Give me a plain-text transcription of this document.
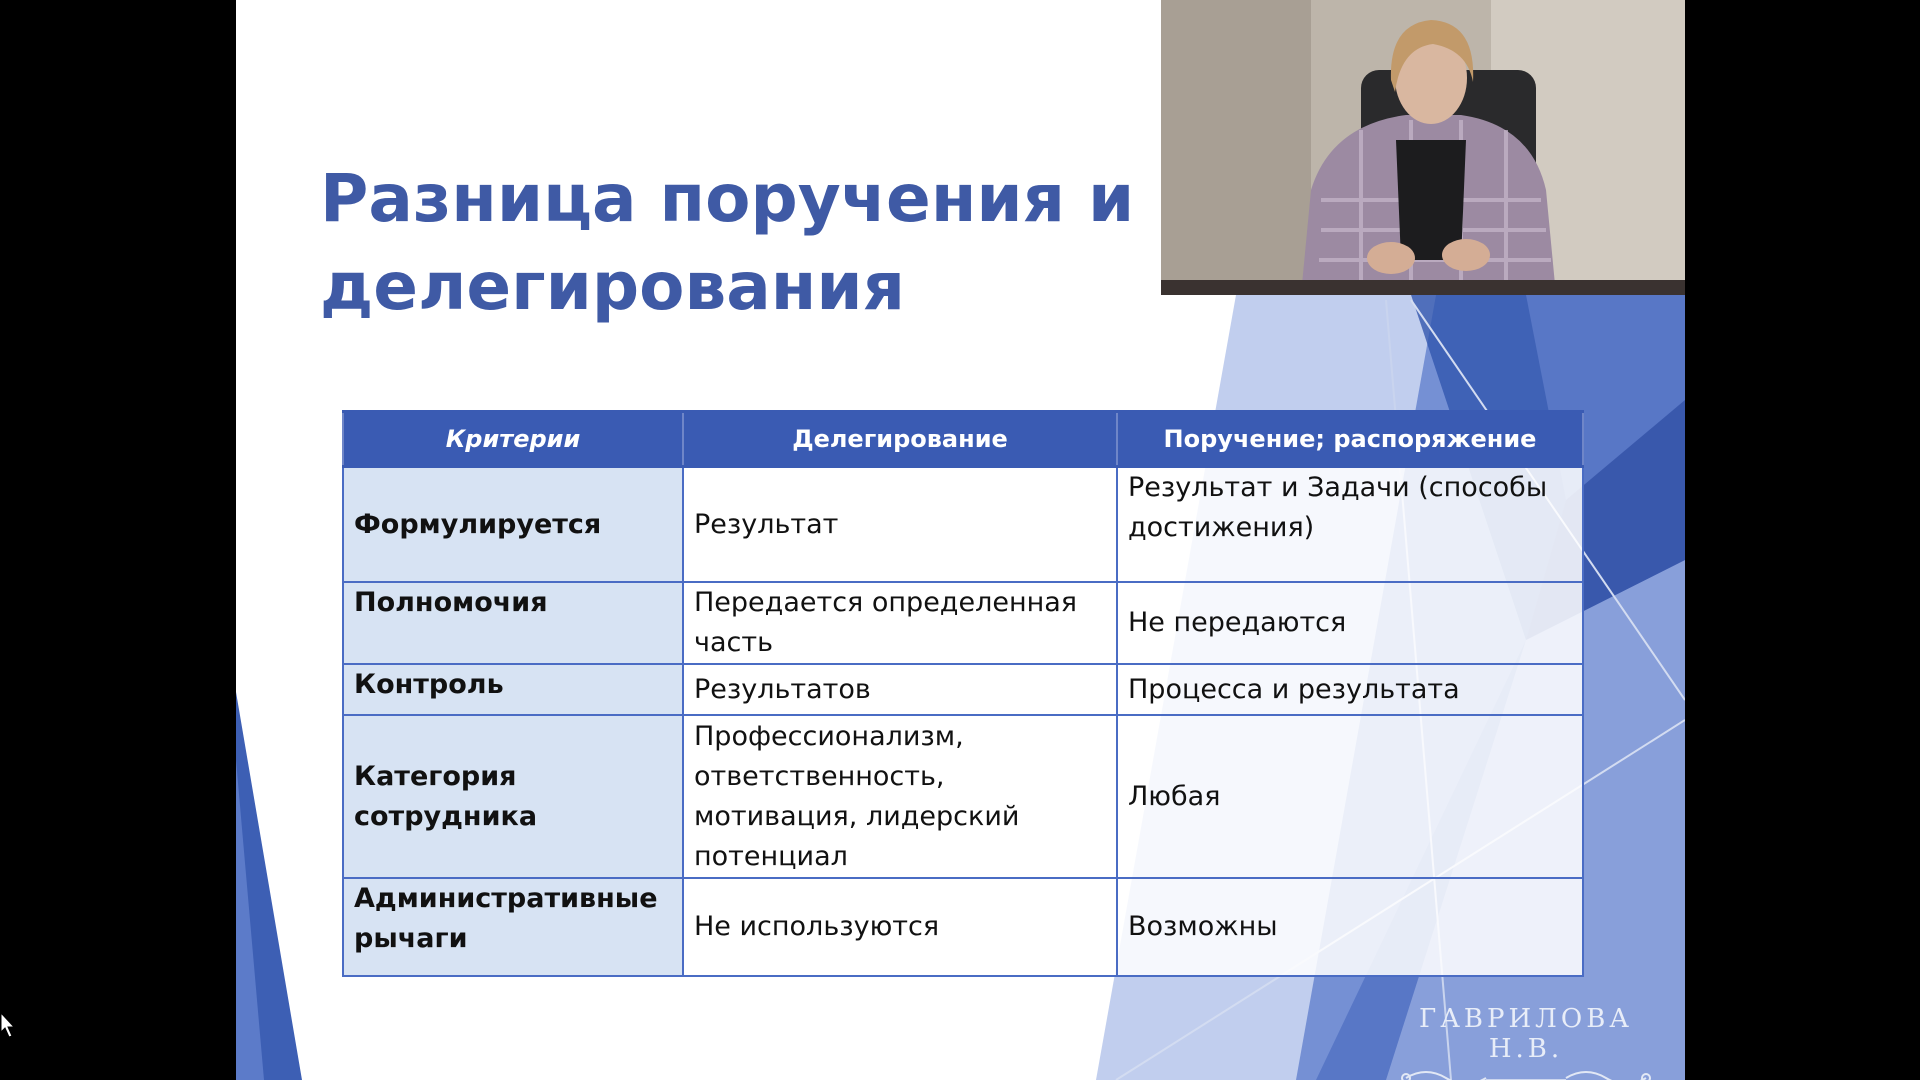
Разница поручения и
делегирования
Критерии	Делегирование	Поручение; распоряжение
Формулируется	Результат	Результат и Задачи (способы достижения)
Полномочия	Передается определенная часть	Не передаются
Контроль	Результатов	Процесса и результата
Категория сотрудника	Профессионализм, ответственность, мотивация, лидерский потенциал	Любая
Административные рычаги	Не используются	Возможны
ГАВРИЛОВА Н.В.
